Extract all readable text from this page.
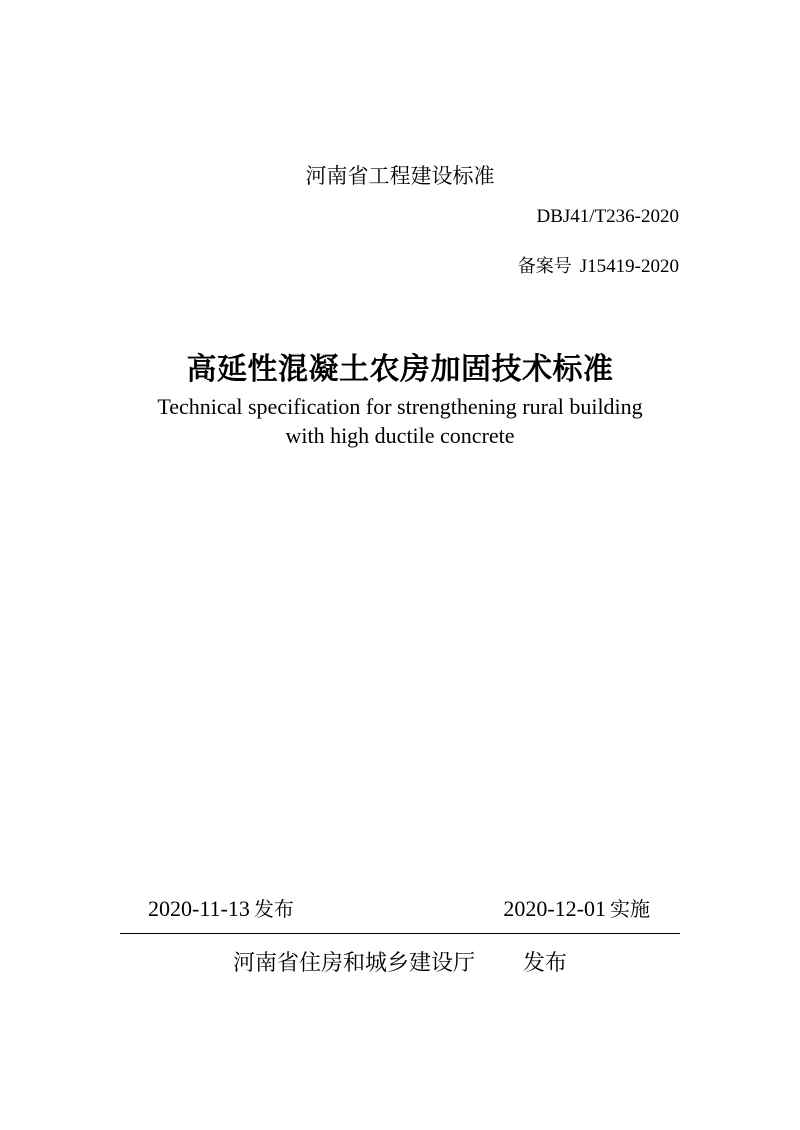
河南省工程建设标准
DBJ41/T236-2020
备案号 J15419-2020
高延性混凝土农房加固技术标准
Technical specification for strengthening rural building
with high ductile concrete
2020-11-13 发布	2020-12-01 实施
河南省住房和城乡建设厅 发布
